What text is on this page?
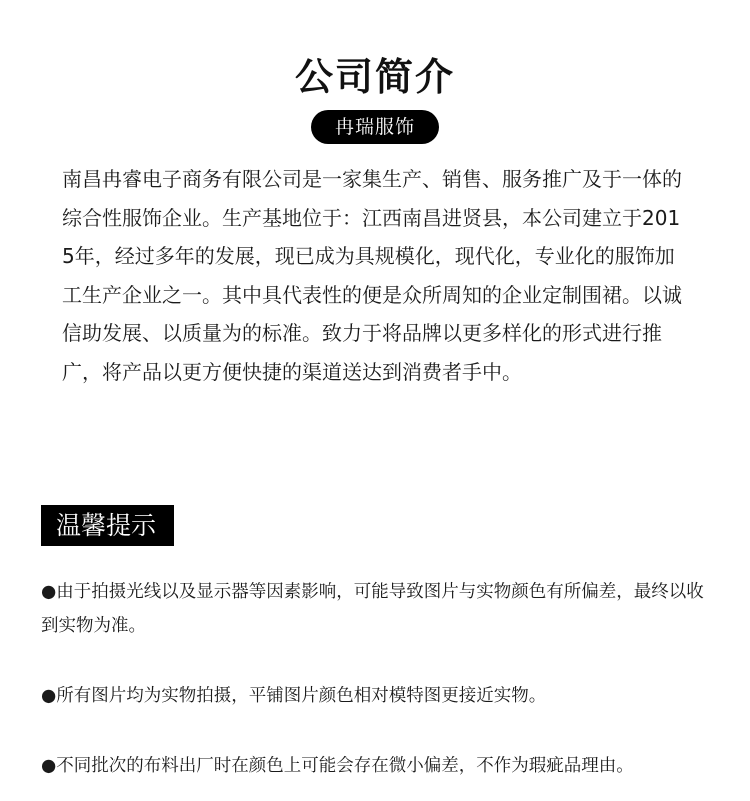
公司简介
冉瑞服饰
南昌冉睿电子商务有限公司是一家集生产、销售、服务推广及于一体的综合性服饰企业。生产基地位于：江西南昌进贤县，本公司建立于2015年，经过多年的发展，现已成为具规模化，现代化，专业化的服饰加工生产企业之一。其中具代表性的便是众所周知的企业定制围裙。以诚信助发展、以质量为的标准。致力于将品牌以更多样化的形式进行推广，将产品以更方便快捷的渠道送达到消费者手中。
温馨提示
●由于拍摄光线以及显示器等因素影响，可能导致图片与实物颜色有所偏差，最终以收到实物为准。
●所有图片均为实物拍摄，平铺图片颜色相对模特图更接近实物。
●不同批次的布料出厂时在颜色上可能会存在微小偏差，不作为瑕疵品理由。
